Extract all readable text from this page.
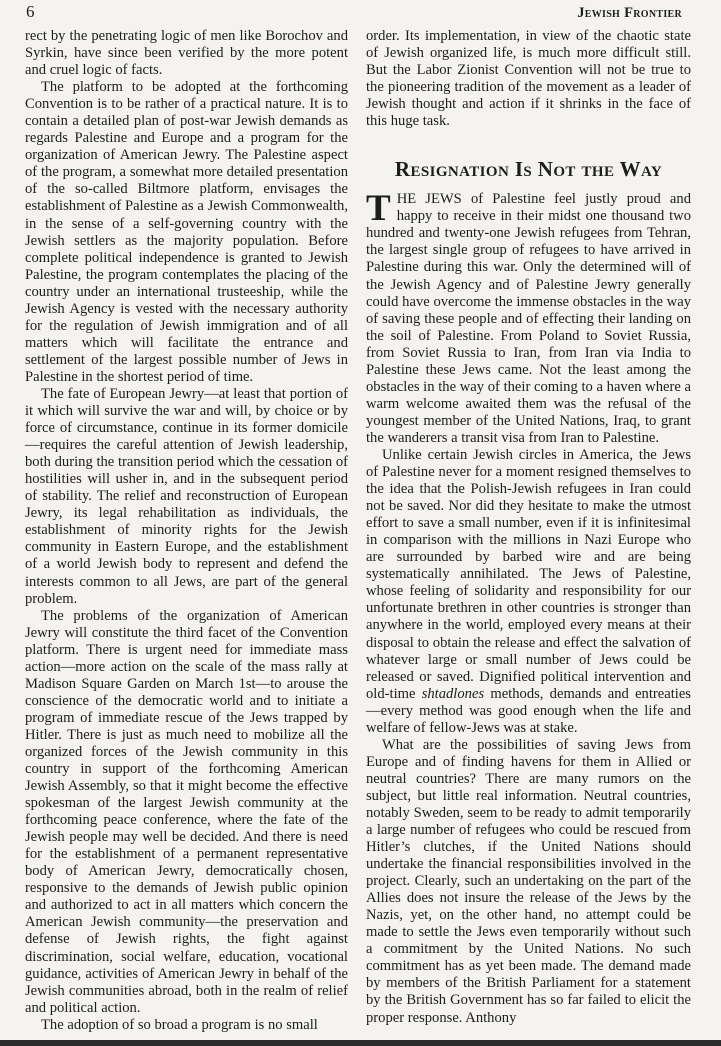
6	Jewish Frontier

rect by the penetrating logic of men like Borochov and Syrkin, have since been verified by the more potent and cruel logic of facts.

The platform to be adopted at the forthcoming Convention is to be rather of a practical nature. It is to contain a detailed plan of post-war Jewish demands as regards Palestine and Europe and a program for the organization of American Jewry. The Palestine aspect of the program, a somewhat more detailed presentation of the so-called Biltmore platform, envisages the establishment of Palestine as a Jewish Commonwealth, in the sense of a self-governing country with the Jewish settlers as the majority population. Before complete political independence is granted to Jewish Palestine, the program contemplates the placing of the country under an international trusteeship, while the Jewish Agency is vested with the necessary authority for the regulation of Jewish immigration and of all matters which will facilitate the entrance and settlement of the largest possible number of Jews in Palestine in the shortest period of time.

The fate of European Jewry—at least that portion of it which will survive the war and will, by choice or by force of circumstance, continue in its former domicile—requires the careful attention of Jewish leadership, both during the transition period which the cessation of hostilities will usher in, and in the subsequent period of stability. The relief and reconstruction of European Jewry, its legal rehabilitation as individuals, the establishment of minority rights for the Jewish community in Eastern Europe, and the establishment of a world Jewish body to represent and defend the interests common to all Jews, are part of the general problem.

The problems of the organization of American Jewry will constitute the third facet of the Convention platform. There is urgent need for immediate mass action—more action on the scale of the mass rally at Madison Square Garden on March 1st—to arouse the conscience of the democratic world and to initiate a program of immediate rescue of the Jews trapped by Hitler. There is just as much need to mobilize all the organized forces of the Jewish community in this country in support of the forthcoming American Jewish Assembly, so that it might become the effective spokesman of the largest Jewish community at the forthcoming peace conference, where the fate of the Jewish people may well be decided. And there is need for the establishment of a permanent representative body of American Jewry, democratically chosen, responsive to the demands of Jewish public opinion and authorized to act in all matters which concern the American Jewish community—the preservation and defense of Jewish rights, the fight against discrimination, social welfare, education, vocational guidance, activities of American Jewry in behalf of the Jewish communities abroad, both in the realm of relief and political action.

The adoption of so broad a program is no small

order. Its implementation, in view of the chaotic state of Jewish organized life, is much more difficult still. But the Labor Zionist Convention will not be true to the pioneering tradition of the movement as a leader of Jewish thought and action if it shrinks in the face of this huge task.

Resignation Is Not the Way

THE JEWS of Palestine feel justly proud and happy to receive in their midst one thousand two hundred and twenty-one Jewish refugees from Tehran, the largest single group of refugees to have arrived in Palestine during this war. Only the determined will of the Jewish Agency and of Palestine Jewry generally could have overcome the immense obstacles in the way of saving these people and of effecting their landing on the soil of Palestine. From Poland to Soviet Russia, from Soviet Russia to Iran, from Iran via India to Palestine these Jews came. Not the least among the obstacles in the way of their coming to a haven where a warm welcome awaited them was the refusal of the youngest member of the United Nations, Iraq, to grant the wanderers a transit visa from Iran to Palestine.

Unlike certain Jewish circles in America, the Jews of Palestine never for a moment resigned themselves to the idea that the Polish-Jewish refugees in Iran could not be saved. Nor did they hesitate to make the utmost effort to save a small number, even if it is infinitesimal in comparison with the millions in Nazi Europe who are surrounded by barbed wire and are being systematically annihilated. The Jews of Palestine, whose feeling of solidarity and responsibility for our unfortunate brethren in other countries is stronger than anywhere in the world, employed every means at their disposal to obtain the release and effect the salvation of whatever large or small number of Jews could be released or saved. Dignified political intervention and old-time shtadlones methods, demands and entreaties—every method was good enough when the life and welfare of fellow-Jews was at stake.

What are the possibilities of saving Jews from Europe and of finding havens for them in Allied or neutral countries? There are many rumors on the subject, but little real information. Neutral countries, notably Sweden, seem to be ready to admit temporarily a large number of refugees who could be rescued from Hitler’s clutches, if the United Nations should undertake the financial responsibilities involved in the project. Clearly, such an undertaking on the part of the Allies does not insure the release of the Jews by the Nazis, yet, on the other hand, no attempt could be made to settle the Jews even temporarily without such a commitment by the United Nations. No such commitment has as yet been made. The demand made by members of the British Parliament for a statement by the British Government has so far failed to elicit the proper response. Anthony
